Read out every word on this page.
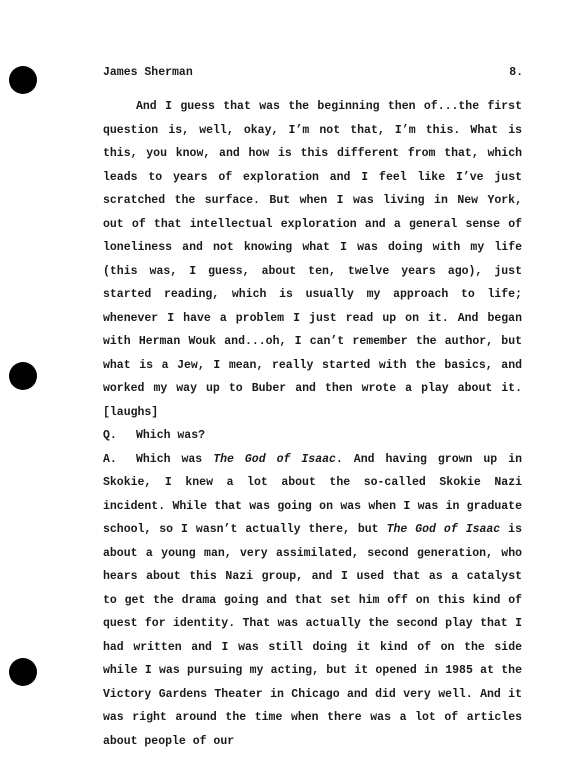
James Sherman	8.

And I guess that was the beginning then of...the first question is, well, okay, I’m not that, I’m this. What is this, you know, and how is this different from that, which leads to years of exploration and I feel like I’ve just scratched the surface. But when I was living in New York, out of that intellectual exploration and a general sense of loneliness and not knowing what I was doing with my life (this was, I guess, about ten, twelve years ago), just started reading, which is usually my approach to life; whenever I have a problem I just read up on it. And began with Herman Wouk and...oh, I can’t remember the author, but what is a Jew, I mean, really started with the basics, and worked my way up to Buber and then wrote a play about it. [laughs]

Q. Which was?

A. Which was The God of Isaac. And having grown up in Skokie, I knew a lot about the so-called Skokie Nazi incident. While that was going on was when I was in graduate school, so I wasn’t actually there, but The God of Isaac is about a young man, very assimilated, second generation, who hears about this Nazi group, and I used that as a catalyst to get the drama going and that set him off on this kind of quest for identity. That was actually the second play that I had written and I was still doing it kind of on the side while I was pursuing my acting, but it opened in 1985 at the Victory Gardens Theater in Chicago and did very well. And it was right around the time when there was a lot of articles about people of our
